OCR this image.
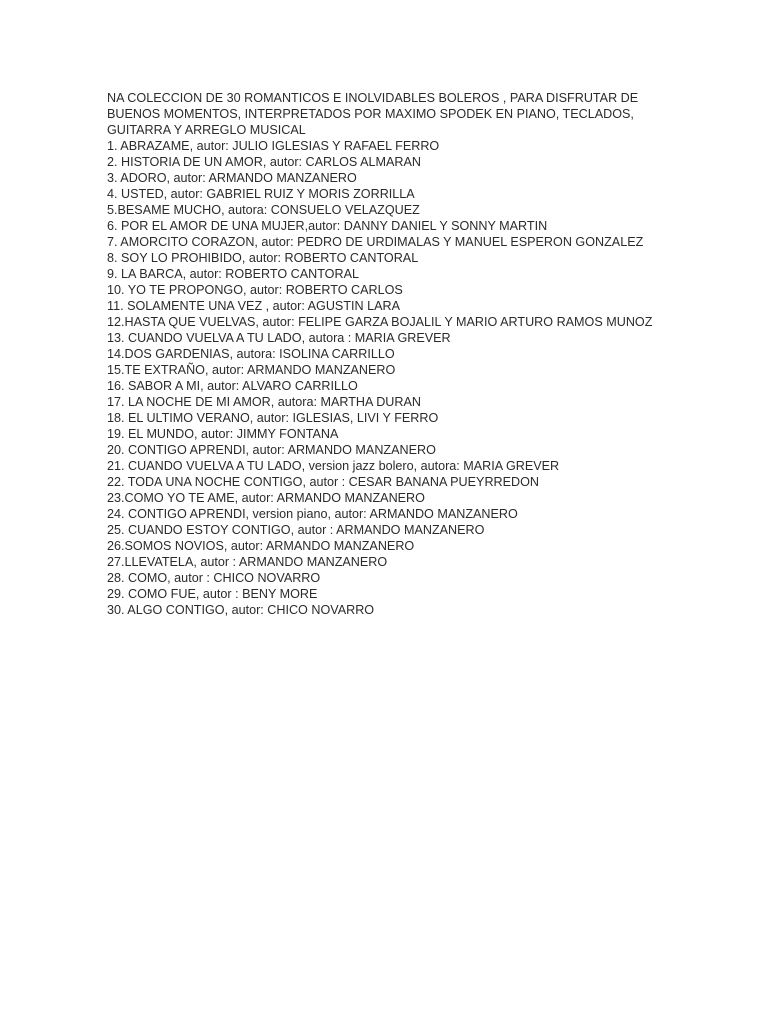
NA COLECCION DE 30 ROMANTICOS E INOLVIDABLES BOLEROS , PARA DISFRUTAR DE BUENOS MOMENTOS, INTERPRETADOS POR MAXIMO SPODEK EN PIANO, TECLADOS, GUITARRA Y ARREGLO MUSICAL

1. ABRAZAME, autor: JULIO IGLESIAS Y RAFAEL FERRO
2. HISTORIA DE UN AMOR, autor: CARLOS ALMARAN
3. ADORO, autor: ARMANDO MANZANERO
4. USTED, autor: GABRIEL RUIZ Y MORIS ZORRILLA
5.BESAME MUCHO, autora: CONSUELO VELAZQUEZ
6. POR EL AMOR DE UNA MUJER,autor: DANNY DANIEL Y SONNY MARTIN
7. AMORCITO CORAZON, autor: PEDRO DE URDIMALAS Y MANUEL ESPERON GONZALEZ
8. SOY LO PROHIBIDO, autor: ROBERTO CANTORAL
9. LA BARCA, autor: ROBERTO CANTORAL
10. YO TE PROPONGO, autor: ROBERTO CARLOS
11. SOLAMENTE UNA VEZ , autor: AGUSTIN LARA
12.HASTA QUE VUELVAS, autor: FELIPE GARZA BOJALIL Y MARIO ARTURO RAMOS MUNOZ
13. CUANDO VUELVA A TU LADO, autora : MARIA GREVER
14.DOS GARDENIAS, autora: ISOLINA CARRILLO
15.TE EXTRAÑO, autor: ARMANDO MANZANERO
16. SABOR A MI, autor: ALVARO CARRILLO
17. LA NOCHE DE MI AMOR, autora: MARTHA DURAN
18. EL ULTIMO VERANO, autor: IGLESIAS, LIVI Y FERRO
19. EL MUNDO, autor: JIMMY FONTANA
20. CONTIGO APRENDI, autor: ARMANDO MANZANERO
21. CUANDO VUELVA A TU LADO, version jazz bolero, autora: MARIA GREVER
22. TODA UNA NOCHE CONTIGO, autor : CESAR BANANA PUEYRREDON
23.COMO YO TE AME, autor: ARMANDO MANZANERO
24. CONTIGO APRENDI, version piano, autor: ARMANDO MANZANERO
25. CUANDO ESTOY CONTIGO, autor : ARMANDO MANZANERO
26.SOMOS NOVIOS, autor: ARMANDO MANZANERO
27.LLEVATELA, autor : ARMANDO MANZANERO
28. COMO, autor : CHICO NOVARRO
29. COMO FUE, autor : BENY MORE
30. ALGO CONTIGO, autor: CHICO NOVARRO
